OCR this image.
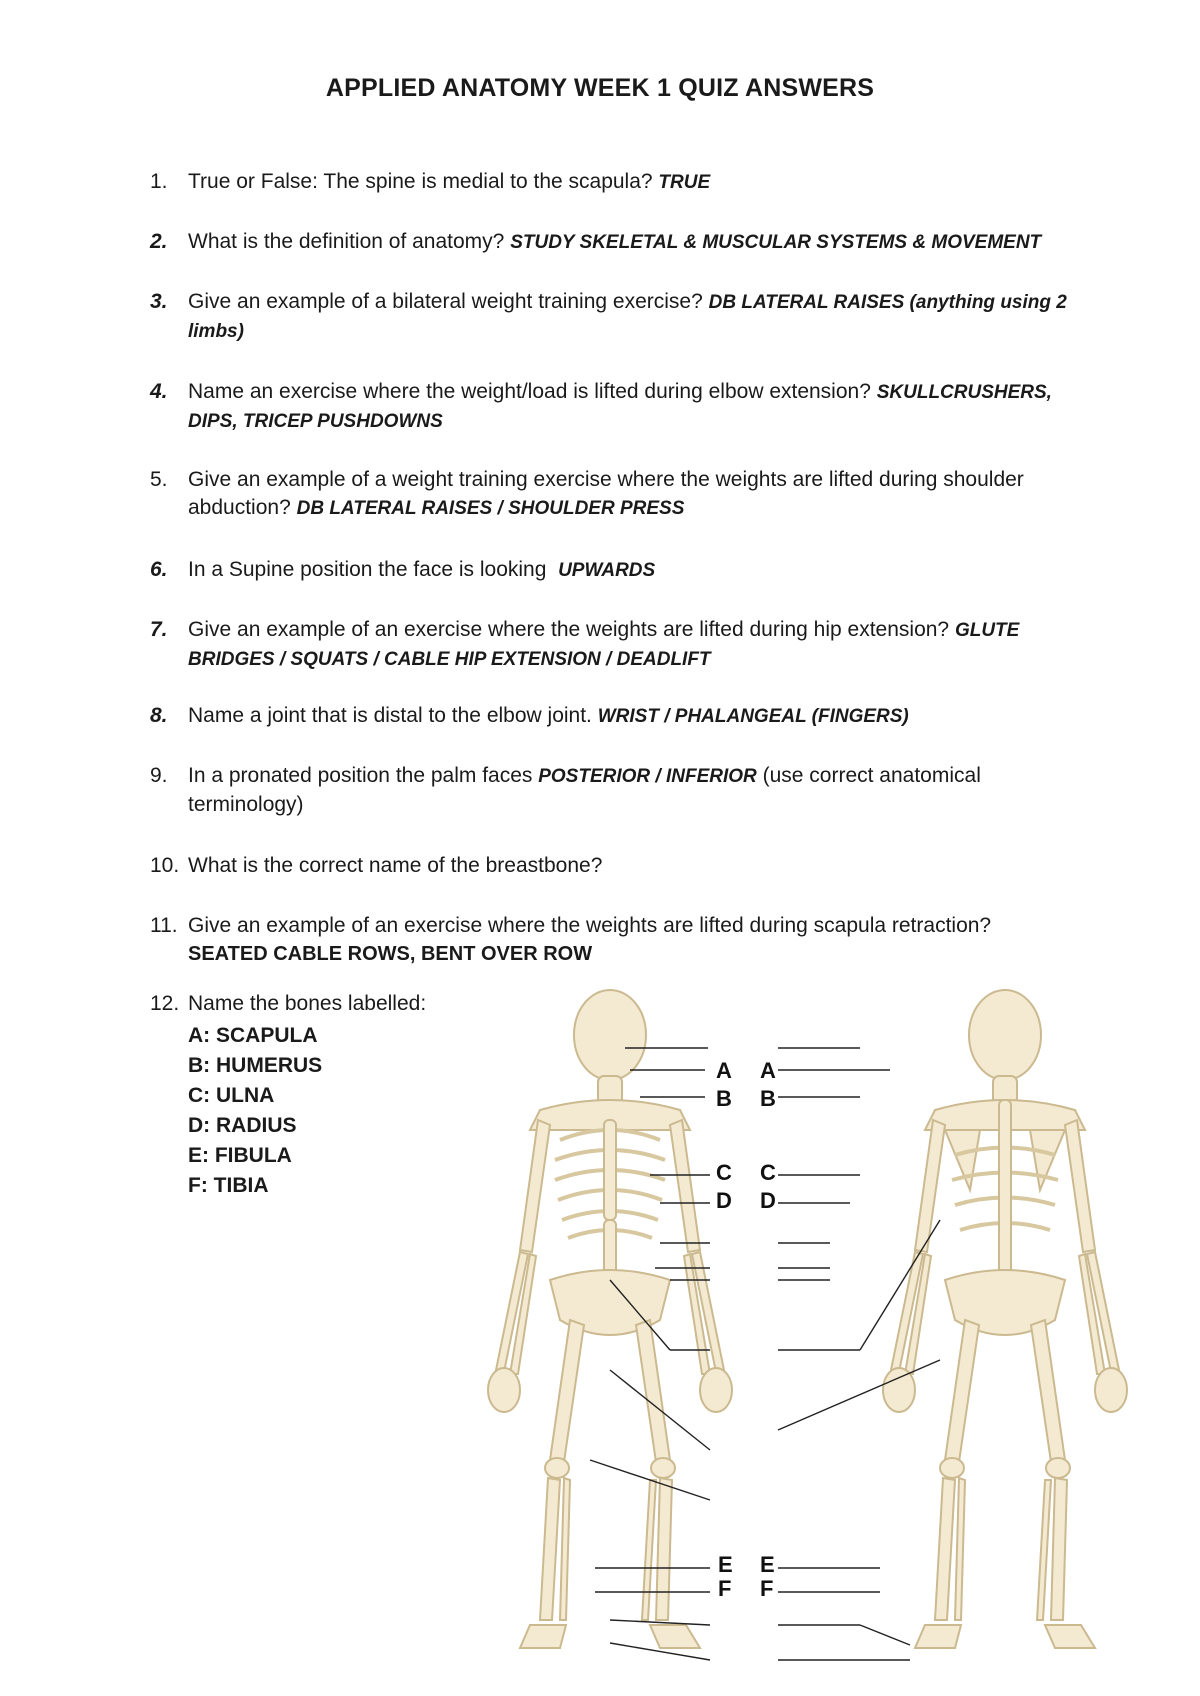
APPLIED ANATOMY WEEK 1 QUIZ ANSWERS
1. True or False: The spine is medial to the scapula? TRUE
2. What is the definition of anatomy? STUDY SKELETAL & MUSCULAR SYSTEMS & MOVEMENT
3. Give an example of a bilateral weight training exercise? DB LATERAL RAISES (anything using 2 limbs)
4. Name an exercise where the weight/load is lifted during elbow extension? SKULLCRUSHERS, DIPS, TRICEP PUSHDOWNS
5. Give an example of a weight training exercise where the weights are lifted during shoulder abduction? DB LATERAL RAISES / SHOULDER PRESS
6. In a Supine position the face is looking  UPWARDS
7. Give an example of an exercise where the weights are lifted during hip extension? GLUTE BRIDGES / SQUATS / CABLE HIP EXTENSION / DEADLIFT
8. Name a joint that is distal to the elbow joint. WRIST / PHALANGEAL (FINGERS)
9. In a pronated position the palm faces POSTERIOR / INFERIOR (use correct anatomical terminology)
10. What is the correct name of the breastbone?
11. Give an example of an exercise where the weights are lifted during scapula retraction?
SEATED CABLE ROWS, BENT OVER ROW
12. Name the bones labelled:
A: SCAPULA
B: HUMERUS
C: ULNA
D: RADIUS
E: FIBULA
F: TIBIA
A A
B B
C C
D D
E E
F F
